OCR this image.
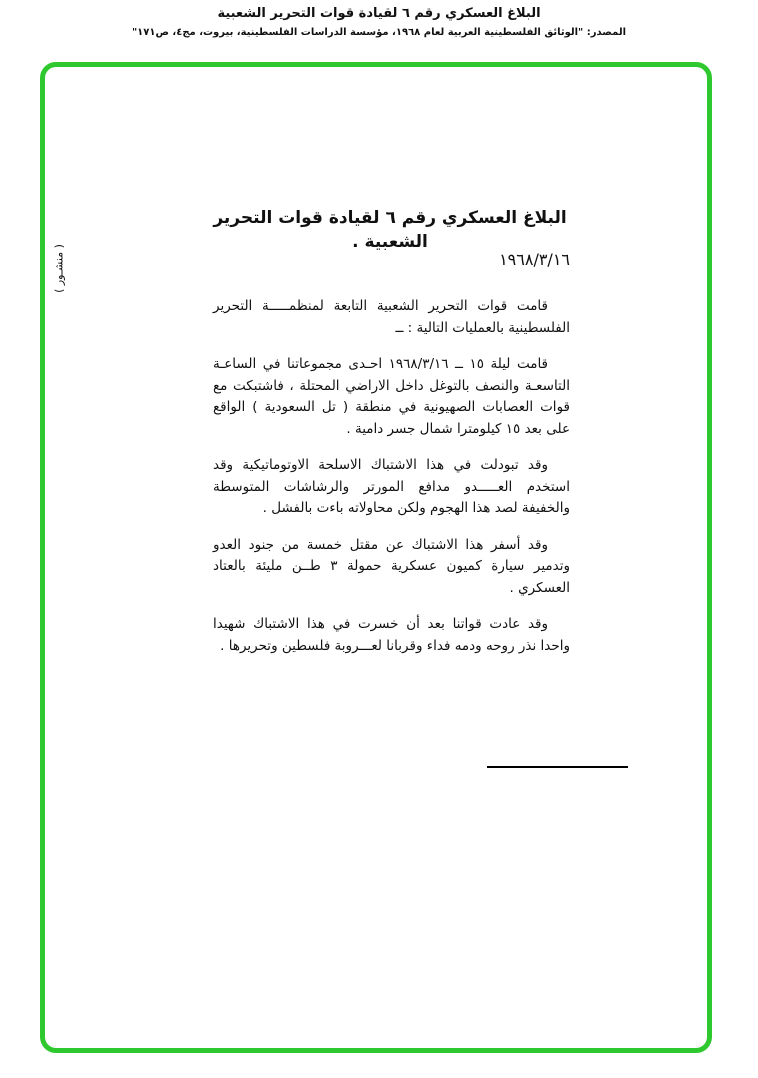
البلاغ العسكري رقم ٦ لقيادة قوات التحرير الشعبية
المصدر: "الوثائق الفلسطينية العربية لعام ١٩٦٨، مؤسسة الدراسات الفلسطينية، بيروت، مج٤، ص١٧١"
البلاغ العسكري رقم ٦ لقيادة قوات التحرير الشعبية .
١٩٦٨/٣/١٦
( منشـور )

قامت قوات التحرير الشعبية التابعة لمنظمـــــة التحرير الفلسطينية بالعمليات التالية : ــ

قامت ليلة ١٥ ــ ١٩٦٨/٣/١٦ احـدى مجموعاتنا في الساعـة التاسعـة والنصف بالتوغل داخل الاراضي المحتلة ، فاشتبكت مع قوات العصابات الصهيونية في منطقة ( تل السعودية ) الواقع على بعد ١٥ كيلومترا شمال جسر دامية .

وقد تبودلت في هذا الاشتباك الاسلحة الاوتوماتيكية وقد استخدم العـــــدو مدافع المورتر والرشاشات المتوسطة والخفيفة لصد هذا الهجوم ولكن محاولاته باءت بالفشل .

وقد أسفر هذا الاشتباك عن مقتل خمسة من جنود العدو وتدمير سيارة كميون عسكرية حمولة ٣ طــن مليئة بالعتاد العسكري .

وقد عادت قواتنا بعد أن خسرت في هذا الاشتباك شهيدا واحدا نذر روحه ودمه فداء وقربانا لعـــروبة فلسطين وتحريرها .
